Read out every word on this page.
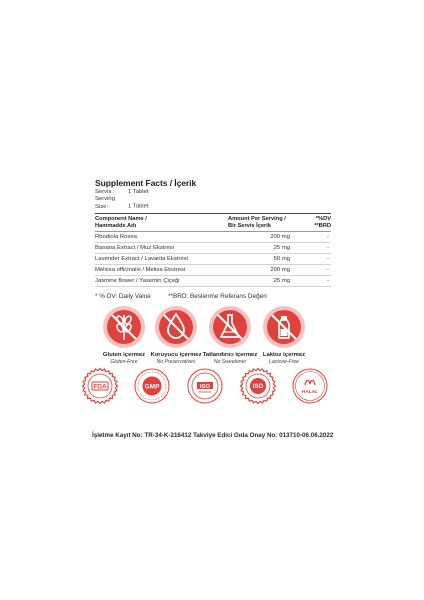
Supplement Facts / İçerik
Servis : 1 Tablet
Serving Size:	1 Tablet
Component Name /
Hammadde Adı
Amount Per Serving /
Bir Servis İçerik
*%DV
**BRD
Rhodiola Rosea	200 mg	-
Banana Extract / Muz Ekstresi	25 mg	-
Lavender Extract / Lavanta Ekstresi	50 mg	-
Melissa officinalis / Melisa Ekstresi	200 mg	-
Jasmine flower / Yasemin Çiçeği	25 mg	-
* % DV: Daily Value	**BRD: Beslenme Referans Değeri
Gluten içermez
Gluten-Free
Koruyucu içermez
No Preservatives
Tatlandırıcı içermez
No Sweetener
Laktoz içermez
Lactose-Free
FDA	GMP	ISO	ISO
HALAL
İşletme Kayıt No: TR-34-K-216412 Takviye Edici Gıda Onay No: 013710-06.06.2022
